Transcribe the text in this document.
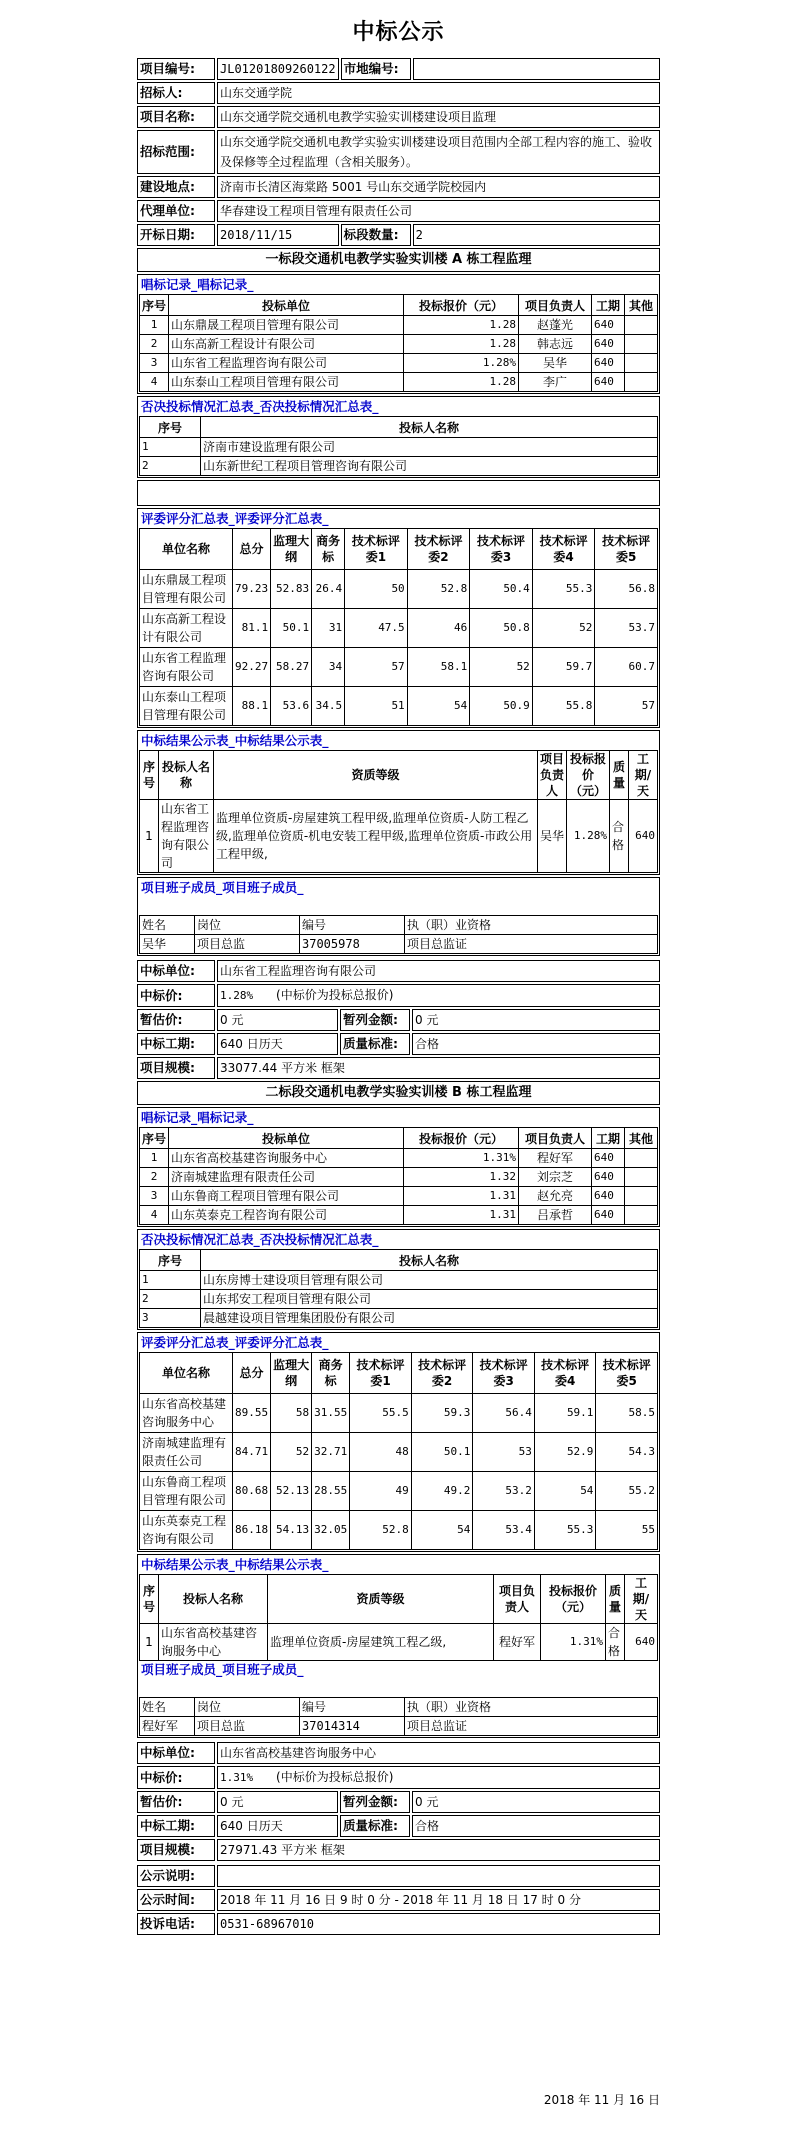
中标公示
项目编号:	JL01201809260122	市地编号:	
招标人:	山东交通学院		
项目名称:	山东交通学院交通机电教学实验实训楼建设项目监理		
招标范围:	山东交通学院交通机电教学实验实训楼建设项目范围内全部工程内容的施工、验收及保修等全过程监理（含相关服务）。		
建设地点:	济南市长清区海棠路 5001 号山东交通学院校园内		
代理单位:	华春建设工程项目管理有限责任公司		
开标日期:	2018/11/15	标段数量:	2
一标段交通机电教学实验实训楼 A 栋工程监理
唱标记录_唱标记录_
序号	投标单位	投标报价（元）	项目负责人	工期	其他
1	山东鼎晟工程项目管理有限公司	1.28	赵蓬光	640	
2	山东高新工程设计有限公司	1.28	韩志远	640	
3	山东省工程监理咨询有限公司	1.28%	吴华	640	
4	山东泰山工程项目管理有限公司	1.28	李广	640	
否决投标情况汇总表_否决投标情况汇总表_
序号	投标人名称
1	济南市建设监理有限公司
2	山东新世纪工程项目管理咨询有限公司
评委评分汇总表_评委评分汇总表_
单位名称	总分	监理大纲	商务标	技术标评委1	技术标评委2	技术标评委3	技术标评委4	技术标评委5
山东鼎晟工程项目管理有限公司	79.23	52.83	26.4	50	52.8	50.4	55.3	56.8
山东高新工程设计有限公司	81.1	50.1	31	47.5	46	50.8	52	53.7
山东省工程监理咨询有限公司	92.27	58.27	34	57	58.1	52	59.7	60.7
山东泰山工程项目管理有限公司	88.1	53.6	34.5	51	54	50.9	55.8	57
中标结果公示表_中标结果公示表_
序号	投标人名称	资质等级	项目负责人	投标报价（元）	质量	工期/天
1	山东省工程监理咨询有限公司	监理单位资质-房屋建筑工程甲级,监理单位资质-人防工程乙级,监理单位资质-机电安装工程甲级,监理单位资质-市政公用工程甲级,	吴华	1.28%	合格	640
项目班子成员_项目班子成员_
姓名	岗位	编号	执（职）业资格
吴华	项目总监	37005978	项目总监证
中标单位:	山东省工程监理咨询有限公司		
中标价:	1.28% (中标价为投标总报价)		
暂估价:	0 元	暂列金额:	0 元
中标工期:	640 日历天	质量标准:	合格
项目规模:	33077.44 平方米 框架		
二标段交通机电教学实验实训楼 B 栋工程监理
唱标记录_唱标记录_
序号	投标单位	投标报价（元）	项目负责人	工期	其他
1	山东省高校基建咨询服务中心	1.31%	程好军	640	
2	济南城建监理有限责任公司	1.32	刘宗芝	640	
3	山东鲁商工程项目管理有限公司	1.31	赵允亮	640	
4	山东英泰克工程咨询有限公司	1.31	吕承哲	640	
否决投标情况汇总表_否决投标情况汇总表_
序号	投标人名称
1	山东房博士建设项目管理有限公司
2	山东邦安工程项目管理有限公司
3	晨越建设项目管理集团股份有限公司
评委评分汇总表_评委评分汇总表_
单位名称	总分	监理大纲	商务标	技术标评委1	技术标评委2	技术标评委3	技术标评委4	技术标评委5
山东省高校基建咨询服务中心	89.55	58	31.55	55.5	59.3	56.4	59.1	58.5
济南城建监理有限责任公司	84.71	52	32.71	48	50.1	53	52.9	54.3
山东鲁商工程项目管理有限公司	80.68	52.13	28.55	49	49.2	53.2	54	55.2
山东英泰克工程咨询有限公司	86.18	54.13	32.05	52.8	54	53.4	55.3	55
中标结果公示表_中标结果公示表_
序号	投标人名称	资质等级	项目负责人	投标报价（元）	质量	工期/天
1	山东省高校基建咨询服务中心	监理单位资质-房屋建筑工程乙级,	程好军	1.31%	合格	640
项目班子成员_项目班子成员_
姓名	岗位	编号	执（职）业资格
程好军	项目总监	37014314	项目总监证
中标单位:	山东省高校基建咨询服务中心		
中标价:	1.31% (中标价为投标总报价)		
暂估价:	0 元	暂列金额:	0 元
中标工期:	640 日历天	质量标准:	合格
项目规模:	27971.43 平方米 框架		
公示说明:	
公示时间:	2018 年 11 月 16 日 9 时 0 分 - 2018 年 11 月 18 日 17 时 0 分
投诉电话:	0531-68967010
2018 年 11 月 16 日
